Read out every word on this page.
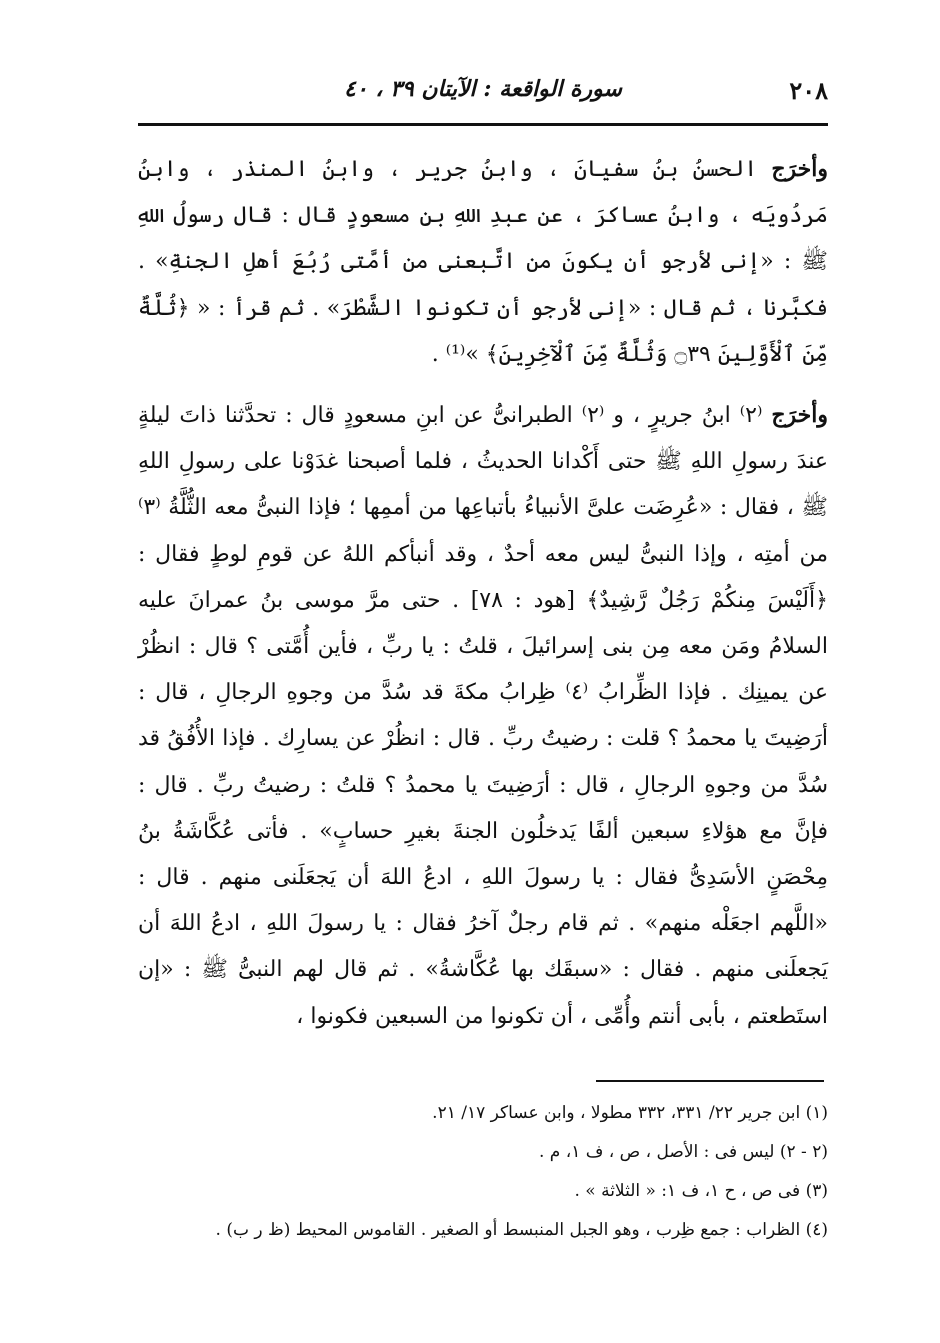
٢٠٨
سورة الواقعة : الآيتان ٣٩ ، ٤٠

وأخرَج الحسنُ بنُ سفيانَ ، وابنُ جرير ، وابنُ المنذر ، وابنُ مَردُويَه ، وابنُ عساكرَ ، عن عبدِ اللهِ بنِ مسعودٍ قال : قال رسولُ اللهِ ﷺ : «إنى لأرجو أن يكونَ من اتَّبعنى من أمَّتى رُبُعَ أهلِ الجنةِ» . فكبَّرنا ، ثم قال : «إنى لأرجو أن تكونوا الشَّطْرَ» . ثم قرأ : « ﴿ثُلَّةٌ مِّنَ ٱلْأَوَّلِينَ ۝٣٩ وَثُلَّةٌ مِّنَ ٱلْآخِرِينَ﴾ »⁽¹⁾ .

وأخرَج ⁽٢⁾ ابنُ جريرٍ ، و ⁽٢⁾ الطبرانىُّ عن ابنِ مسعودٍ قال : تحدَّثنا ذاتَ ليلةٍ عندَ رسولِ اللهِ ﷺ حتى أَكْدانا الحديثُ ، فلما أصبحنا غدَوْنا على رسولِ اللهِ ﷺ ، فقال : «عُرِضَت علىَّ الأنبياءُ بأتباعِها من أممِها ؛ فإذا النبىُّ معه الثُّلَّةُ ⁽٣⁾ من أمتِه ، وإذا النبىُّ ليس معه أحدٌ ، وقد أنبأكم اللهُ عن قومِ لوطٍ فقال : ﴿أَلَيْسَ مِنكُمْ رَجُلٌ رَّشِيدٌ﴾ [هود : ٧٨] . حتى مرَّ موسى بنُ عمرانَ عليه السلامُ ومَن معه مِن بنى إسرائيلَ ، قلتُ : يا ربِّ ، فأين أُمَّتى ؟ قال : انظُرْ عن يمينِك . فإذا الظِّرابُ ⁽٤⁾ ظِرابُ مكةَ قد سُدَّ من وجوهِ الرجالِ ، قال : أرَضِيتَ يا محمدُ ؟ قلت : رضيتُ ربِّ . قال : انظُرْ عن يسارِك . فإذا الأُفُقُ قد سُدَّ من وجوهِ الرجالِ ، قال : أرَضِيتَ يا محمدُ ؟ قلتُ : رضيتُ ربِّ . قال : فإنَّ مع هؤلاءِ سبعين ألفًا يَدخلُون الجنةَ بغيرِ حسابٍ» . فأتى عُكَّاشَةُ بنُ مِحْصَنٍ الأسَدِىُّ فقال : يا رسولَ اللهِ ، ادعُ اللهَ أن يَجعَلَنى منهم . قال : «اللَّهم اجعَلْه منهم» . ثم قام رجلٌ آخرُ فقال : يا رسولَ اللهِ ، ادعُ اللهَ أن يَجعلَنى منهم . فقال : «سبقَك بها عُكَّاشةُ» . ثم قال لهم النبىُّ ﷺ : «إن استَطعتم ، بأبى أنتم وأُمِّى ، أن تكونوا من السبعين فكونوا ،

(١) ابن جرير ٢٢/ ٣٣١، ٣٣٢ مطولا ، وابن عساكر ١٧/ ٢١.
(٢ - ٢) ليس فى : الأصل ، ص ، ف ١، م .
(٣) فى ص ، ح ١، ف ١: « الثلاثة » .
(٤) الظراب : جمع ظِرب ، وهو الجبل المنبسط أو الصغير . القاموس المحيط (ظ ر ب) .
